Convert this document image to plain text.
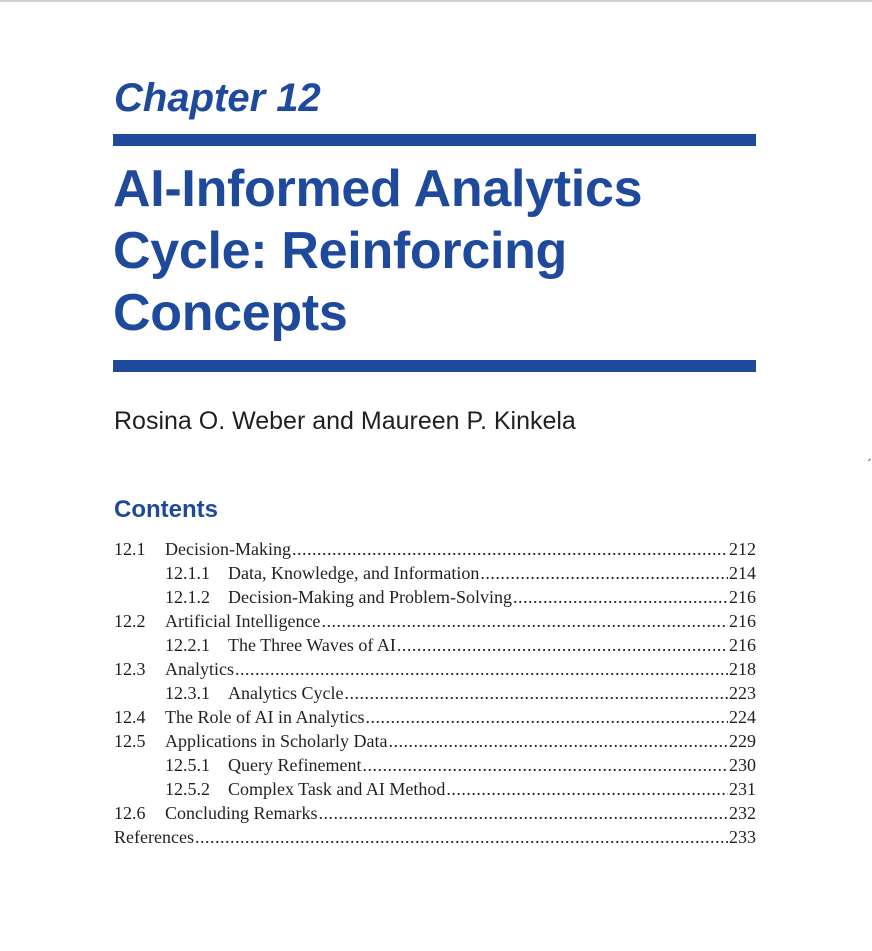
Chapter 12
AI-Informed Analytics
Cycle: Reinforcing
Concepts

Rosina O. Weber and Maureen P. Kinkela

Contents
12.1	Decision-Making .....	212
12.1.1	Data, Knowledge, and Information .....	214
12.1.2	Decision-Making and Problem-Solving .....	216
12.2	Artificial Intelligence .....	216
12.2.1	The Three Waves of AI .....	216
12.3	Analytics .....	218
12.3.1	Analytics Cycle .....	223
12.4	The Role of AI in Analytics .....	224
12.5	Applications in Scholarly Data .....	229
12.5.1	Query Refinement .....	230
12.5.2	Complex Task and AI Method .....	231
12.6	Concluding Remarks .....	232
References .....	233
ˏ
